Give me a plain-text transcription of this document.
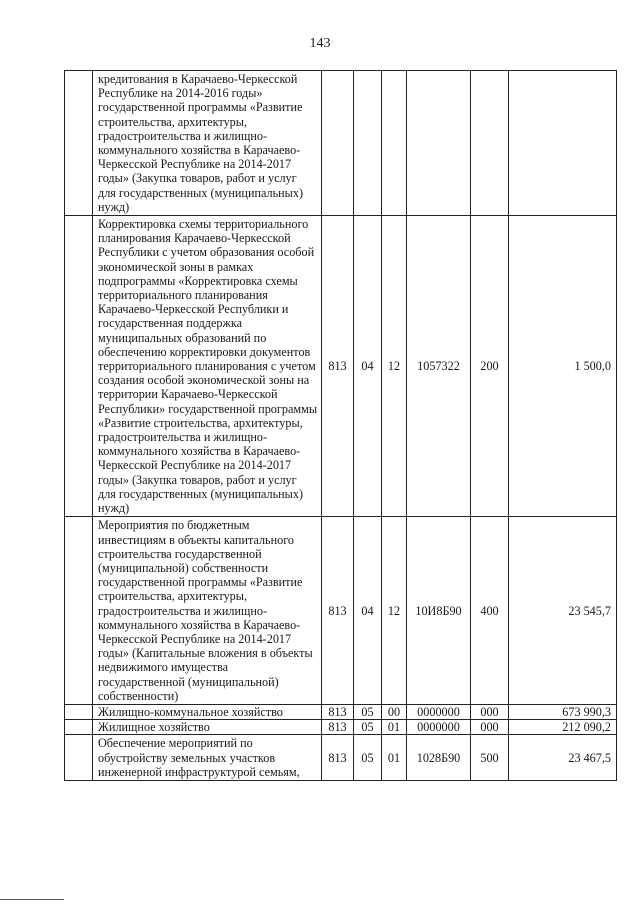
143
	кредитования в Карачаево-Черкесской Республике на 2014-2016 годы» государственной программы «Развитие строительства, архитектуры, градостроительства и жилищно-коммунального хозяйства в Карачаево-Черкесской Республике на 2014-2017 годы» (Закупка товаров, работ и услуг для государственных (муниципальных) нужд)						
	Корректировка схемы территориального планирования Карачаево-Черкесской Республики с учетом образования особой экономической зоны в рамках подпрограммы «Корректировка схемы территориального планирования Карачаево-Черкесской Республики и государственная поддержка муниципальных образований по обеспечению корректировки документов территориального планирования с учетом создания особой экономической зоны на территории Карачаево-Черкесской Республики» государственной программы «Развитие строительства, архитектуры, градостроительства и жилищно-коммунального хозяйства в Карачаево-Черкесской Республике на 2014-2017 годы» (Закупка товаров, работ и услуг для государственных (муниципальных) нужд)	813	04	12	1057322	200	1 500,0
	Мероприятия по бюджетным инвестициям в объекты капитального строительства государственной (муниципальной) собственности государственной программы «Развитие строительства, архитектуры, градостроительства и жилищно-коммунального хозяйства в Карачаево-Черкесской Республике на 2014-2017 годы» (Капитальные вложения в объекты недвижимого имущества государственной (муниципальной) собственности)	813	04	12	10И8Б90	400	23 545,7
	Жилищно-коммунальное хозяйство	813	05	00	0000000	000	673 990,3
	Жилищное хозяйство	813	05	01	0000000	000	212 090,2
	Обеспечение мероприятий по обустройству земельных участков инженерной инфраструктурой семьям,	813	05	01	1028Б90	500	23 467,5
